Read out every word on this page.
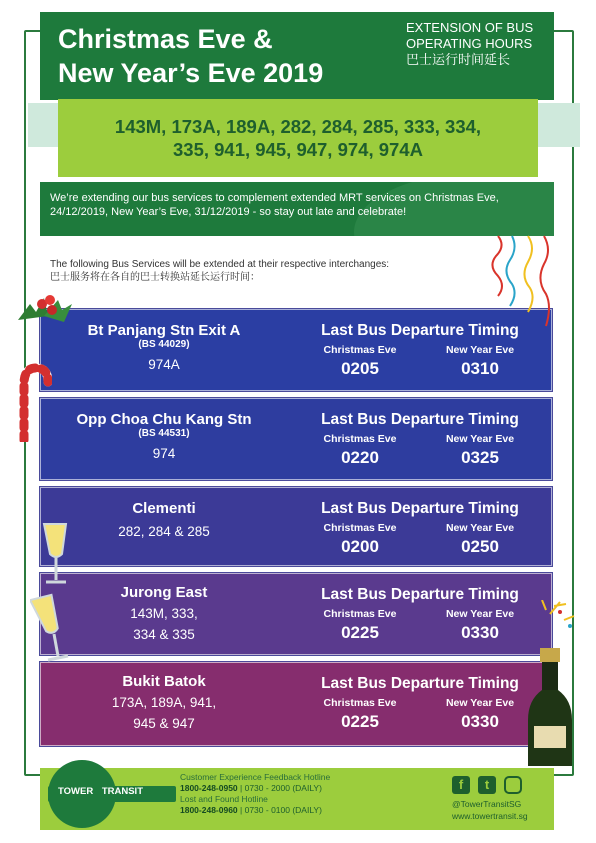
Christmas Eve &
New Year’s Eve 2019
EXTENSION OF BUS
OPERATING HOURS
巴士运行时间延长
143M, 173A, 189A, 282, 284, 285, 333, 334,
335, 941, 945, 947, 974, 974A
We’re extending our bus services to complement extended MRT services on Christmas Eve, 24/12/2019, New Year’s Eve, 31/12/2019 - so stay out late and celebrate!
The following Bus Services will be extended at their respective interchanges:
巴士服务将在各自的巴士转换站延长运行时间：
Bt Panjang Stn Exit A
(BS 44029)
974A
Last Bus Departure Timing
Christmas Eve
0205
New Year Eve
0310
Opp Choa Chu Kang Stn
(BS 44531)
974
Last Bus Departure Timing
Christmas Eve
0220
New Year Eve
0325
Clementi
282, 284 & 285
Last Bus Departure Timing
Christmas Eve
0200
New Year Eve
0250
Jurong East
143M, 333,
334 & 335
Last Bus Departure Timing
Christmas Eve
0225
New Year Eve
0330
Bukit Batok
173A, 189A, 941,
945 & 947
Last Bus Departure Timing
Christmas Eve
0225
New Year Eve
0330
TOWER TRANSIT
Customer Experience Feedback Hotline
1800-248-0950 | 0730 - 2000 (DAILY)
Lost and Found Hotline
1800-248-0960 | 0730 - 0100 (DAILY)
f	t
@TowerTransitSG
www.towertransit.sg
